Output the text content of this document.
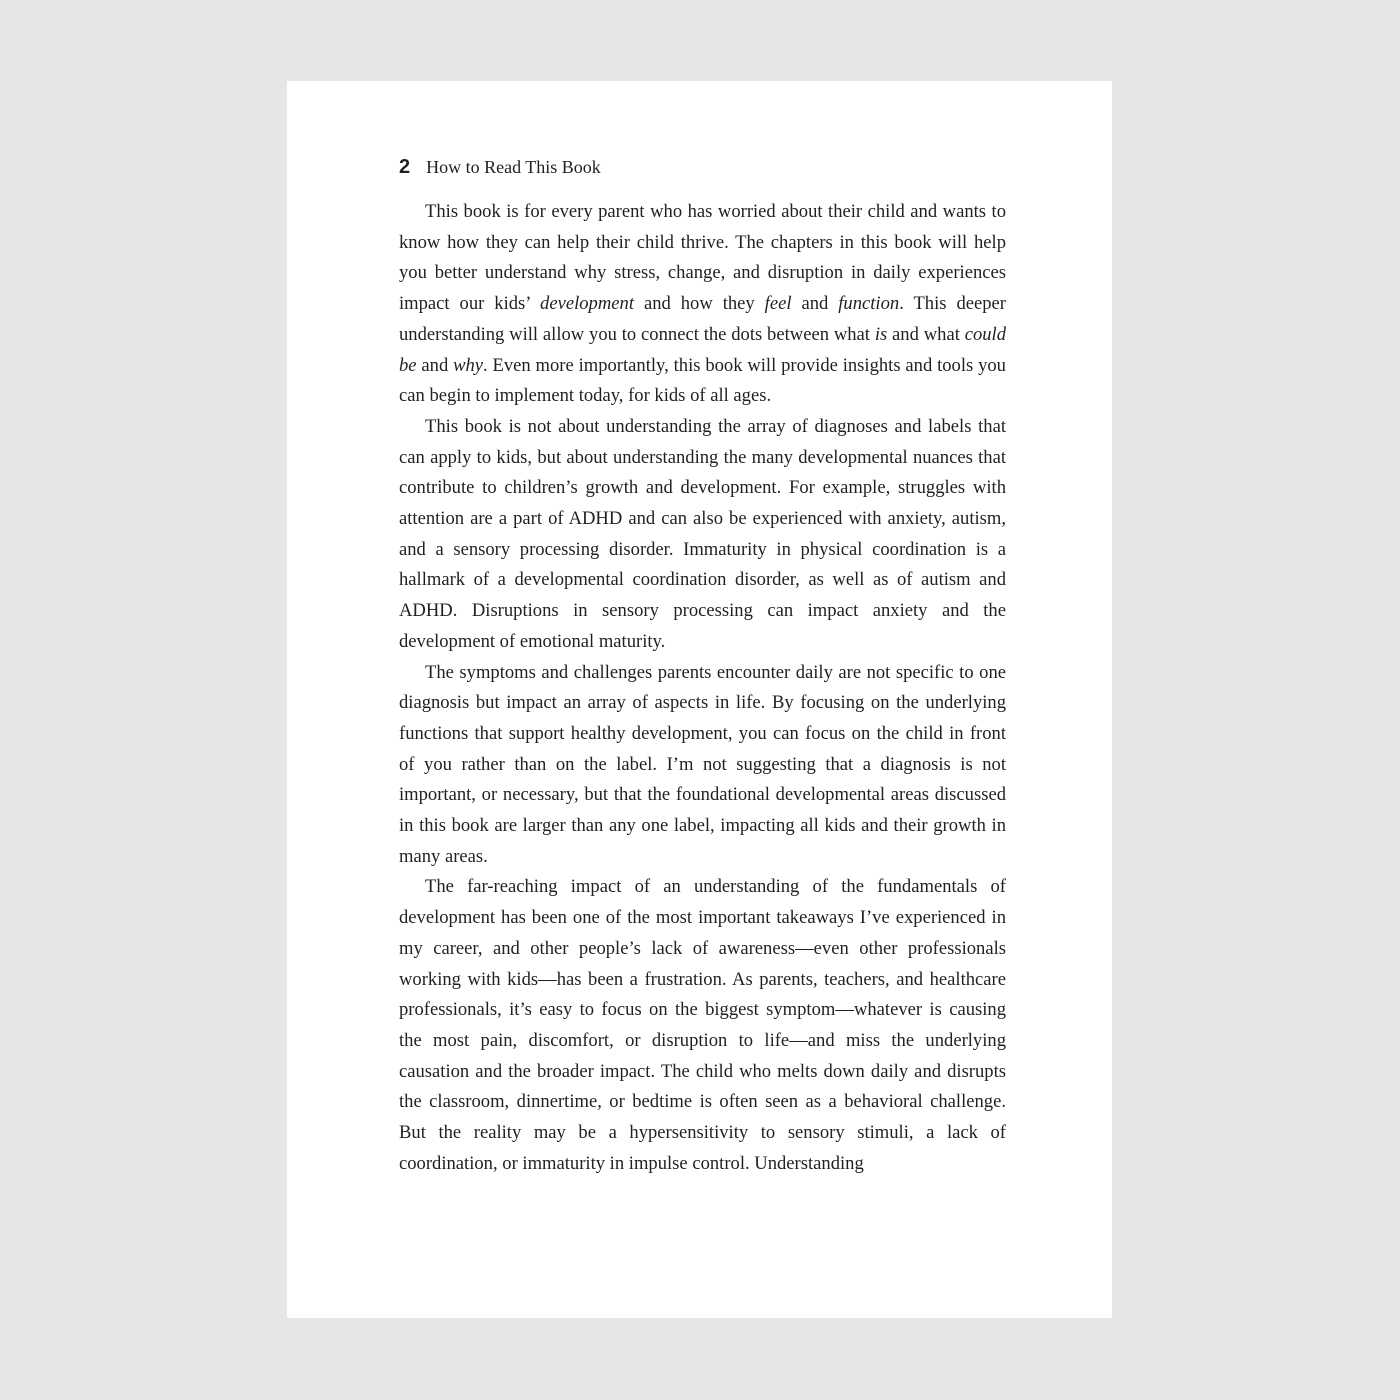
2 How to Read This Book

This book is for every parent who has worried about their child and wants to know how they can help their child thrive. The chapters in this book will help you better understand why stress, change, and disruption in daily experiences impact our kids’ development and how they feel and function. This deeper understanding will allow you to connect the dots between what is and what could be and why. Even more importantly, this book will provide insights and tools you can begin to implement today, for kids of all ages.

This book is not about understanding the array of diagnoses and labels that can apply to kids, but about understanding the many developmental nuances that contribute to children’s growth and development. For example, struggles with attention are a part of ADHD and can also be experienced with anxiety, autism, and a sensory processing disorder. Immaturity in physical coordination is a hallmark of a developmental coordination disorder, as well as of autism and ADHD. Disruptions in sensory processing can impact anxiety and the development of emotional maturity.

The symptoms and challenges parents encounter daily are not specific to one diagnosis but impact an array of aspects in life. By focusing on the underlying functions that support healthy development, you can focus on the child in front of you rather than on the label. I’m not suggesting that a diagnosis is not important, or necessary, but that the foundational developmental areas discussed in this book are larger than any one label, impacting all kids and their growth in many areas.

The far-reaching impact of an understanding of the fundamentals of development has been one of the most important takeaways I’ve experienced in my career, and other people’s lack of awareness—even other professionals working with kids—has been a frustration. As parents, teachers, and healthcare professionals, it’s easy to focus on the biggest symptom—whatever is causing the most pain, discomfort, or disruption to life—and miss the underlying causation and the broader impact. The child who melts down daily and disrupts the classroom, dinnertime, or bedtime is often seen as a behavioral challenge. But the reality may be a hypersensitivity to sensory stimuli, a lack of coordination, or immaturity in impulse control. Understanding
